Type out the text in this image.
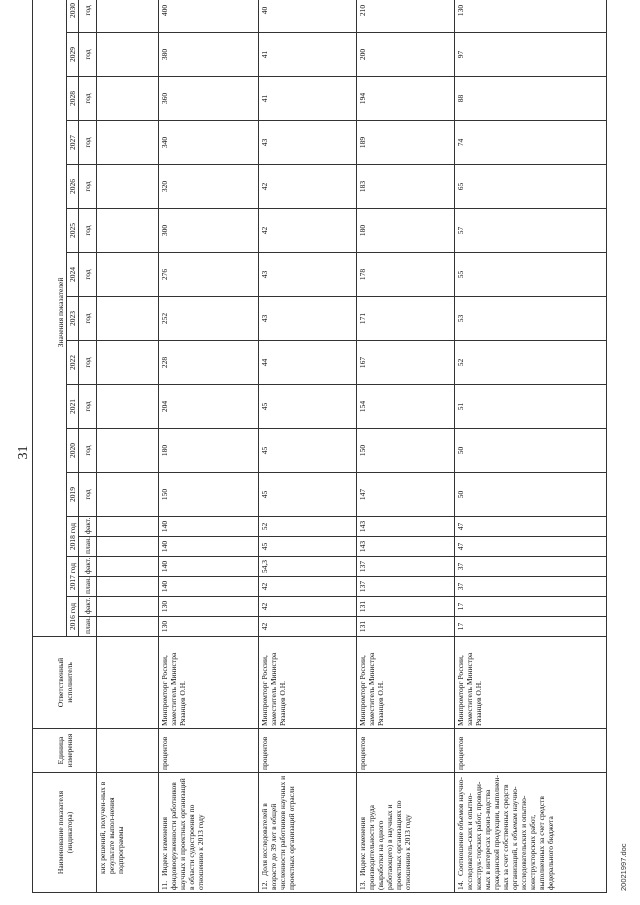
31
Наименование показателя (индикатора)	Единица измерения	Ответственный исполнитель	Значения показателей																	
			2016 год		2017 год		2018 год		2019	2020	2021	2022	2023	2024	2025	2026	2027	2028	2029	2030
			план.	факт.	план.	факт.	план.	факт.	год	год	год	год	год	год	год	год	год	год	год	год

ких решений, получен-ных в результате выпол-нения подпрограммы																				

11.Индекс изменения фондовооруженности работников научных и проектных организаций в области судостроения по отношению к 2013 году	процентов	Минпромторг России, заместитель Министра Рязанцев О.Н.	130	130	140	140	140	140	150	180	204	228	252	276	300	320	340	360	380	400
12.Доля исследователей в возрасте до 39 лет в общей численности работников научных и проектных организаций отрасли	процентов	Минпромторг России, заместитель Министра Рязанцев О.Н.	42	42	42	54,3	45	52	45	45	45	44	43	43	42	42	43	41	41	40
13.Индекс изменения производительности труда (выработки на одного работающего) в научных и проектных организациях по отношению к 2013 году	процентов	Минпромторг России, заместитель Министра Рязанцев О.Н.	131	131	137	137	143	143	147	150	154	167	171	178	180	183	189	194	200	210
14.Соотношение объемов научно-исследователь-ских и опытно-конструк-торских работ, проводи-мых в интересах произ-водства гражданской продукции, выполнен-ных за счет собственных средств организаций, к объемам научно-исследовательских и опытно-конструкторских работ, выполненных за счет средств федерального бюджета	процентов	Минпромторг России, заместитель Министра Рязанцев О.Н.	17	17	37	37	47	47	50	50	51	52	53	55	57	65	74	88	97	130
20021997.doc
